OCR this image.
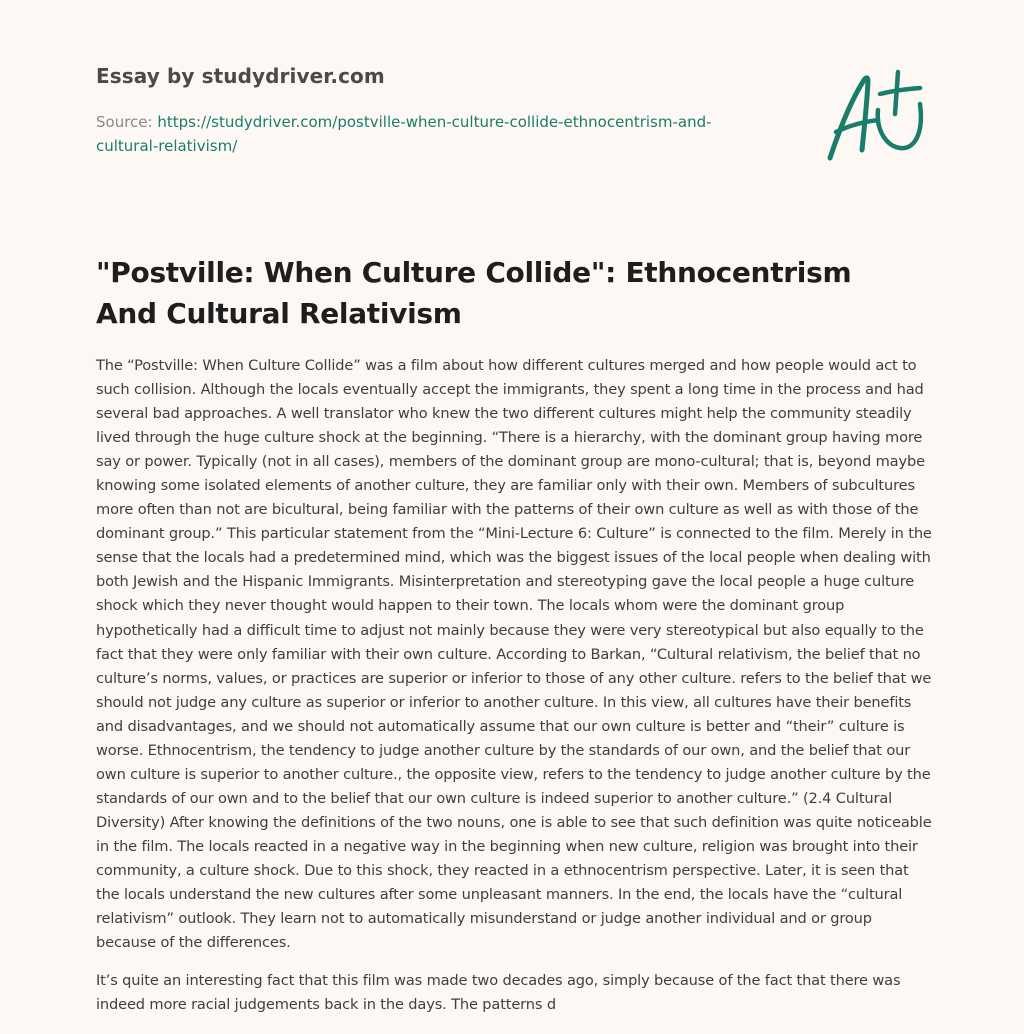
Essay by studydriver.com
Source: https://studydriver.com/postville-when-culture-collide-ethnocentrism-and-
cultural-relativism/
"Postville: When Culture Collide": Ethnocentrism And Cultural Relativism

The “Postville: When Culture Collide” was a film about how different cultures merged and how people would act to such collision. Although the locals eventually accept the immigrants, they spent a long time in the process and had several bad approaches. A well translator who knew the two different cultures might help the community steadily lived through the huge culture shock at the beginning. “There is a hierarchy, with the dominant group having more say or power. Typically (not in all cases), members of the dominant group are mono-cultural; that is, beyond maybe knowing some isolated elements of another culture, they are familiar only with their own. Members of subcultures more often than not are bicultural, being familiar with the patterns of their own culture as well as with those of the dominant group.” This particular statement from the “Mini-Lecture 6: Culture” is connected to the film. Merely in the sense that the locals had a predetermined mind, which was the biggest issues of the local people when dealing with both Jewish and the Hispanic Immigrants. Misinterpretation and stereotyping gave the local people a huge culture shock which they never thought would happen to their town. The locals whom were the dominant group hypothetically had a difficult time to adjust not mainly because they were very stereotypical but also equally to the fact that they were only familiar with their own culture. According to Barkan, “Cultural relativism, the belief that no culture’s norms, values, or practices are superior or inferior to those of any other culture. refers to the belief that we should not judge any culture as superior or inferior to another culture. In this view, all cultures have their benefits and disadvantages, and we should not automatically assume that our own culture is better and “their” culture is worse. Ethnocentrism, the tendency to judge another culture by the standards of our own, and the belief that our own culture is superior to another culture., the opposite view, refers to the tendency to judge another culture by the standards of our own and to the belief that our own culture is indeed superior to another culture.” (2.4 Cultural Diversity) After knowing the definitions of the two nouns, one is able to see that such definition was quite noticeable in the film. The locals reacted in a negative way in the beginning when new culture, religion was brought into their community, a culture shock. Due to this shock, they reacted in a ethnocentrism perspective. Later, it is seen that the locals understand the new cultures after some unpleasant manners. In the end, the locals have the “cultural relativism” outlook. They learn not to automatically misunderstand or judge another individual and or group because of the differences.

It’s quite an interesting fact that this film was made two decades ago, simply because of the fact that there was indeed more racial judgements back in the days. The patterns d
